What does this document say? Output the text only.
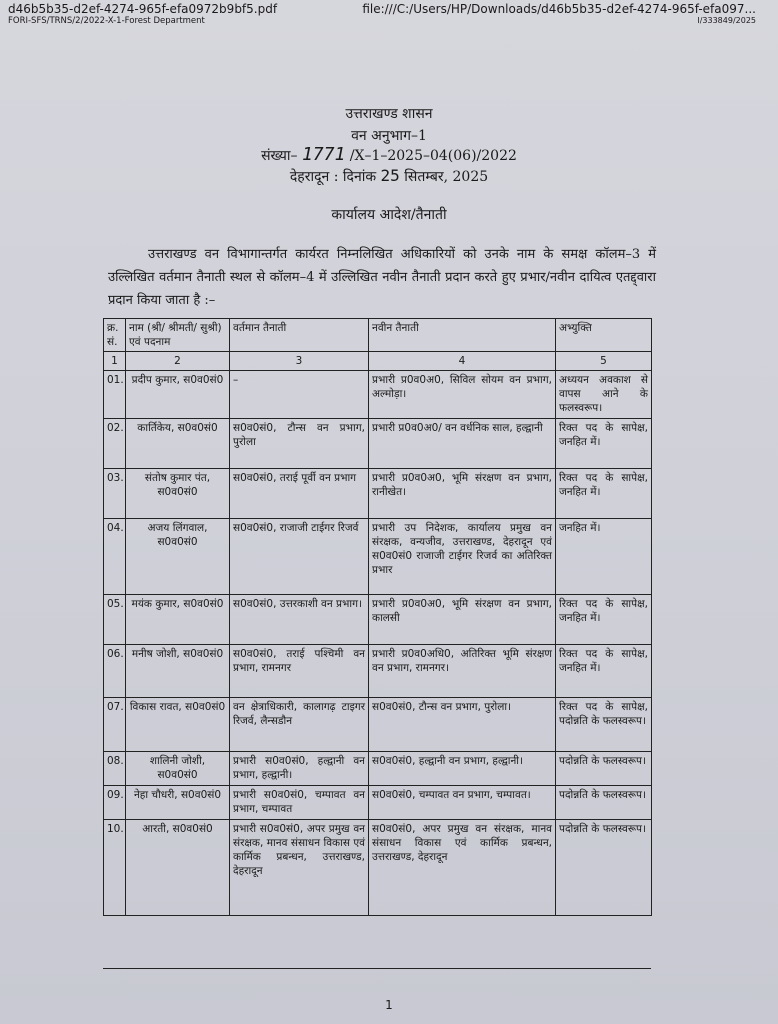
d46b5b35-d2ef-4274-965f-efa0972b9bf5.pdf
FORI-SFS/TRNS/2/2022-X-1-Forest Department
file:///C:/Users/HP/Downloads/d46b5b35-d2ef-4274-965f-efa097...
I/333849/2025
उत्तराखण्ड शासन
वन अनुभाग–1
संख्या– 1771 /X–1–2025–04(06)/2022
देहरादून : दिनांक 25 सितम्बर, 2025
कार्यालय आदेश/तैनाती
उत्तराखण्ड वन विभागान्तर्गत कार्यरत निम्नलिखित अधिकारियों को उनके नाम के समक्ष कॉलम–3 में उल्लिखित वर्तमान तैनाती स्थल से कॉलम–4 में उल्लिखित नवीन तैनाती प्रदान करते हुए प्रभार/नवीन दायित्व एतद्द्वारा प्रदान किया जाता है :–
क्र. सं.	नाम (श्री/ श्रीमती/ सुश्री) एवं पदनाम	वर्तमान तैनाती	नवीन तैनाती	अभ्युक्ति
1	2	3	4	5
01.	प्रदीप कुमार, स0व0सं0	–	प्रभारी प्र0व0अ0, सिविल सोयम वन प्रभाग, अल्मोड़ा।	अध्ययन अवकाश से वापस आने के फलस्वरूप।
02.	कार्तिकेय, स0व0सं0	स0व0सं0, टौन्स वन प्रभाग, पुरोला	प्रभारी प्र0व0अ0/ वन वर्धनिक साल, हल्द्वानी	रिक्त पद के सापेक्ष, जनहित में।
03.	संतोष कुमार पंत, स0व0सं0	स0व0सं0, तराई पूर्वी वन प्रभाग	प्रभारी प्र0व0अ0, भूमि संरक्षण वन प्रभाग, रानीखेत।	रिक्त पद के सापेक्ष, जनहित में।
04.	अजय लिंगवाल, स0व0सं0	स0व0सं0, राजाजी टाईगर रिजर्व	प्रभारी उप निदेशक, कार्यालय प्रमुख वन संरक्षक, वन्यजीव, उत्तराखण्ड, देहरादून एवं स0व0सं0 राजाजी टाईगर रिजर्व का अतिरिक्त प्रभार	जनहित में।
05.	मयंक कुमार, स0व0सं0	स0व0सं0, उत्तरकाशी वन प्रभाग।	प्रभारी प्र0व0अ0, भूमि संरक्षण वन प्रभाग, कालसी	रिक्त पद के सापेक्ष, जनहित में।
06.	मनीष जोशी, स0व0सं0	स0व0सं0, तराई पश्चिमी वन प्रभाग, रामनगर	प्रभारी प्र0व0अधि0, अतिरिक्त भूमि संरक्षण वन प्रभाग, रामनगर।	रिक्त पद के सापेक्ष, जनहित में।
07.	विकास रावत, स0व0सं0	वन क्षेत्राधिकारी, कालागढ़ टाइगर रिजर्व, लैन्सडौन	स0व0सं0, टौन्स वन प्रभाग, पुरोला।	रिक्त पद के सापेक्ष, पदोन्नति के फलस्वरूप।
08.	शालिनी जोशी, स0व0सं0	प्रभारी स0व0सं0, हल्द्वानी वन प्रभाग, हल्द्वानी।	स0व0सं0, हल्द्वानी वन प्रभाग, हल्द्वानी।	पदोन्नति के फलस्वरूप।
09.	नेहा चौधरी, स0व0सं0	प्रभारी स0व0सं0, चम्पावत वन प्रभाग, चम्पावत	स0व0सं0, चम्पावत वन प्रभाग, चम्पावत।	पदोन्नति के फलस्वरूप।
10.	आरती, स0व0सं0	प्रभारी स0व0सं0, अपर प्रमुख वन संरक्षक, मानव संसाधन विकास एवं कार्मिक प्रबन्धन, उत्तराखण्ड, देहरादून	स0व0सं0, अपर प्रमुख वन संरक्षक, मानव संसाधन विकास एवं कार्मिक प्रबन्धन, उत्तराखण्ड, देहरादून	पदोन्नति के फलस्वरूप।
1
